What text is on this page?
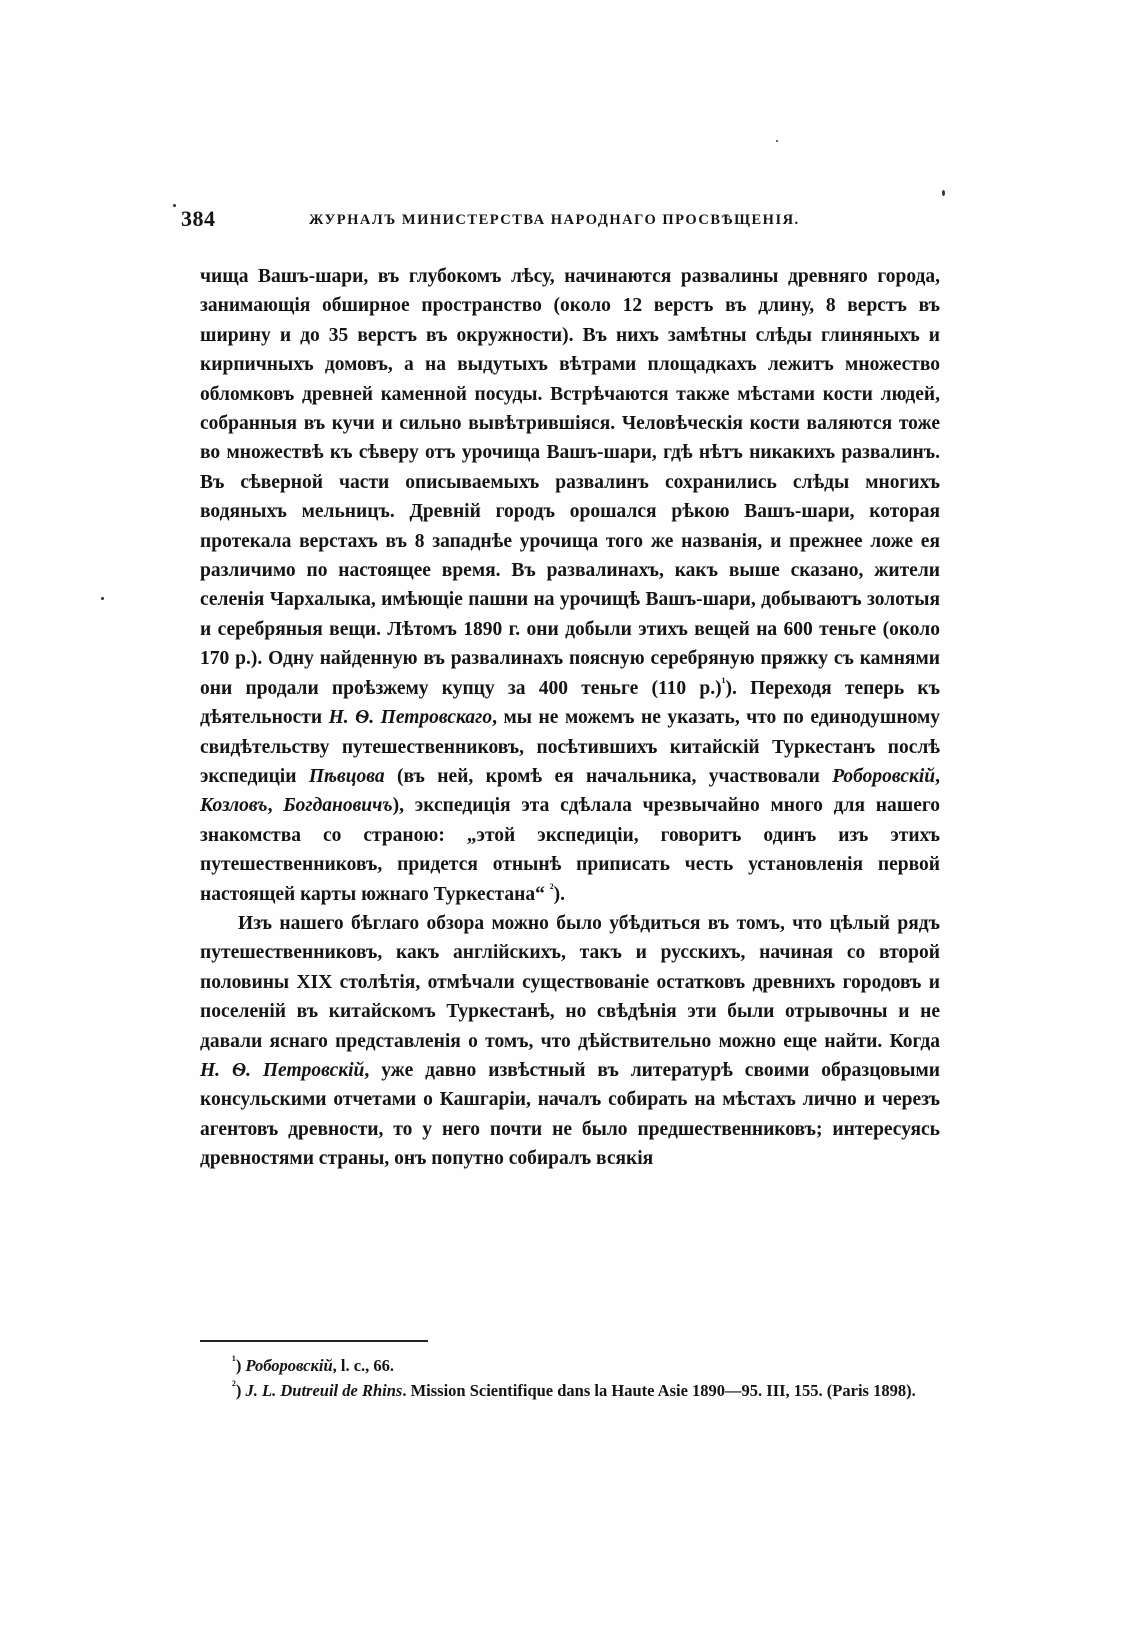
384	ЖУРНАЛЪ МИНИСТЕРСТВА НАРОДНАГО ПРОСВѢЩЕНІЯ.

чища Вашъ-шари, въ глубокомъ лѣсу, начинаются развалины древняго города, занимающія обширное пространство (около 12 верстъ въ длину, 8 верстъ въ ширину и до 35 верстъ въ окружности). Въ нихъ замѣтны слѣды глиняныхъ и кирпичныхъ домовъ, а на выдутыхъ вѣтрами площадкахъ лежитъ множество обломковъ древней каменной посуды. Встрѣчаются также мѣстами кости людей, собранныя въ кучи и сильно вывѣтрившіяся. Человѣческія кости валяются тоже во множествѣ къ сѣверу отъ урочища Вашъ-шари, гдѣ нѣтъ никакихъ развалинъ. Въ сѣверной части описываемыхъ развалинъ сохранились слѣды многихъ водяныхъ мельницъ. Древній городъ орошался рѣкою Вашъ-шари, которая протекала верстахъ въ 8 западнѣе урочища того же названія, и прежнее ложе ея различимо по настоящее время. Въ развалинахъ, какъ выше сказано, жители селенія Чархалыка, имѣющіе пашни на урочищѣ Вашъ-шари, добываютъ золотыя и серебряныя вещи. Лѣтомъ 1890 г. они добыли этихъ вещей на 600 теньге (около 170 р.). Одну найденную въ развалинахъ поясную серебряную пряжку съ камнями они продали проѣзжему купцу за 400 теньге (110 р.)$^{^1}$). Переходя теперь къ дѣятельности Н. Ѳ. Петровскаго, мы не можемъ не указать, что по единодушному свидѣтельству путешественниковъ, посѣтившихъ китайскій Туркестанъ послѣ экспедиціи Пѣвцова (въ ней, кромѣ ея начальника, участвовали Роборовскій, Козловъ, Богдановичъ), экспедиція эта сдѣлала чрезвычайно много для нашего знакомства со страною: „этой экспедиціи, говоритъ одинъ изъ этихъ путешественниковъ, придется отнынѣ приписать честь установленія первой настоящей карты южнаго Туркестана“ $^{^2}$).

Изъ нашего бѣглаго обзора можно было убѣдиться въ томъ, что цѣлый рядъ путешественниковъ, какъ англійскихъ, такъ и русскихъ, начиная со второй половины XIX столѣтія, отмѣчали существованіе остатковъ древнихъ городовъ и поселеній въ китайскомъ Туркестанѣ, но свѣдѣнія эти были отрывочны и не давали яснаго представленія о томъ, что дѣйствительно можно еще найти. Когда Н. Ѳ. Петровскій, уже давно извѣстный въ литературѣ своими образцовыми консульскими отчетами о Кашгаріи, началъ собирать на мѣстахъ лично и черезъ агентовъ древности, то у него почти не было предшественниковъ; интересуясь древностями страны, онъ попутно собиралъ всякія

$^{^1}$) Роборовскій, l. c., 66.
$^{^2}$) J. L. Dutreuil de Rhins. Mission Scientifique dans la Haute Asie 1890—95. III, 155. (Paris 1898).
